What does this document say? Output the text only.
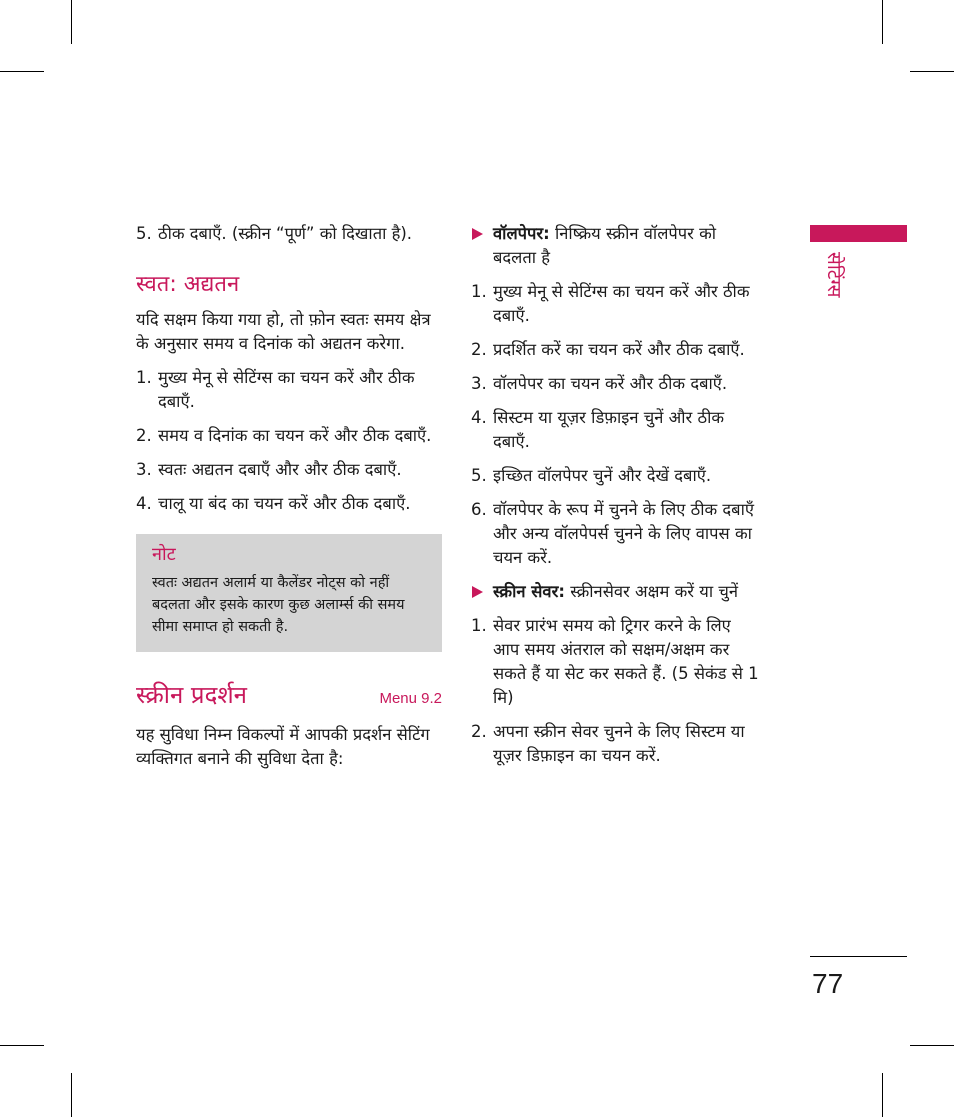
5. ठीक दबाएँ. (स्क्रीन “पूर्ण” को दिखाता है).
स्वत: अद्यतन

यदि सक्षम किया गया हो, तो फ़ोन स्वतः समय क्षेत्र के अनुसार समय व दिनांक को अद्यतन करेगा.

1. मुख्य मेनू से सेटिंग्स का चयन करें और ठीक दबाएँ.
2. समय व दिनांक का चयन करें और ठीक दबाएँ.
3. स्वतः अद्यतन दबाएँ और और ठीक दबाएँ.
4. चालू या बंद का चयन करें और ठीक दबाएँ.
नोट
स्वतः अद्यतन अलार्म या कैलेंडर नोट्स को नहीं बदलता और इसके कारण कुछ अलार्म्स की समय सीमा समाप्त हो सकती है.
स्क्रीन प्रदर्शन	Menu 9.2

यह सुविधा निम्न विकल्पों में आपकी प्रदर्शन सेटिंग व्यक्तिगत बनाने की सुविधा देता है:

वॉलपेपर: निष्क्रिय स्क्रीन वॉलपेपर को बदलता है

1. मुख्य मेनू से सेटिंग्स का चयन करें और ठीक दबाएँ.
2. प्रदर्शित करें का चयन करें और ठीक दबाएँ.
3. वॉलपेपर का चयन करें और ठीक दबाएँ.
4. सिस्टम या यूज़र डिफ़ाइन चुनें और ठीक दबाएँ.
5. इच्छित वॉलपेपर चुनें और देखें दबाएँ.
6. वॉलपेपर के रूप में चुनने के लिए ठीक दबाएँ और अन्य वॉलपेपर्स चुनने के लिए वापस का चयन करें.

स्क्रीन सेवर: स्क्रीनसेवर अक्षम करें या चुनें

1. सेवर प्रारंभ समय को ट्रिगर करने के लिए आप समय अंतराल को सक्षम/अक्षम कर सकते हैं या सेट कर सकते हैं. (5 सेकंड से 1 मि)
2. अपना स्क्रीन सेवर चुनने के लिए सिस्टम या यूज़र डिफ़ाइन का चयन करें.
सेटिंग्स
77
